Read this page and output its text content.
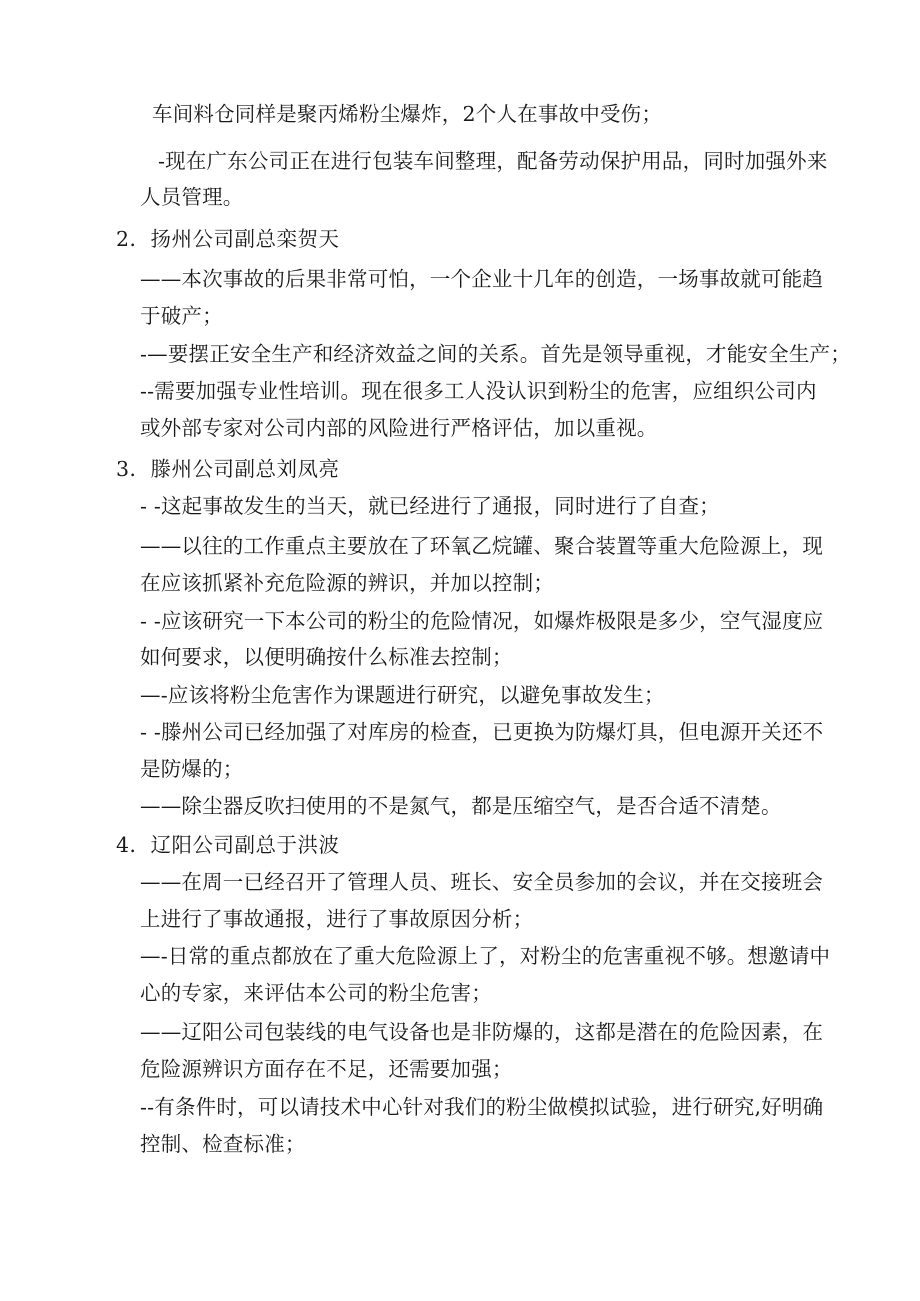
车间料仓同样是聚丙烯粉尘爆炸，2个人在事故中受伤；
-现在广东公司正在进行包装车间整理，配备劳动保护用品，同时加强外来
人员管理。
2．扬州公司副总栾贺天
——本次事故的后果非常可怕，一个企业十几年的创造，一场事故就可能趋
于破产；
-—要摆正安全生产和经济效益之间的关系。首先是领导重视，才能安全生产；
--需要加强专业性培训。现在很多工人没认识到粉尘的危害，应组织公司内
或外部专家对公司内部的风险进行严格评估，加以重视。
3．滕州公司副总刘凤亮
- -这起事故发生的当天，就已经进行了通报，同时进行了自查；
——以往的工作重点主要放在了环氧乙烷罐、聚合装置等重大危险源上，现
在应该抓紧补充危险源的辨识，并加以控制；
- -应该研究一下本公司的粉尘的危险情况，如爆炸极限是多少，空气湿度应
如何要求，以便明确按什么标准去控制；
—-应该将粉尘危害作为课题进行研究，以避免事故发生；
- -滕州公司已经加强了对库房的检查，已更换为防爆灯具，但电源开关还不
是防爆的；
——除尘器反吹扫使用的不是氮气，都是压缩空气，是否合适不清楚。
4．辽阳公司副总于洪波
——在周一已经召开了管理人员、班长、安全员参加的会议，并在交接班会
上进行了事故通报，进行了事故原因分析；
—-日常的重点都放在了重大危险源上了，对粉尘的危害重视不够。想邀请中
心的专家，来评估本公司的粉尘危害；
——辽阳公司包装线的电气设备也是非防爆的，这都是潜在的危险因素，在
危险源辨识方面存在不足，还需要加强；
--有条件时，可以请技术中心针对我们的粉尘做模拟试验，进行研究,好明确
控制、检查标准；
